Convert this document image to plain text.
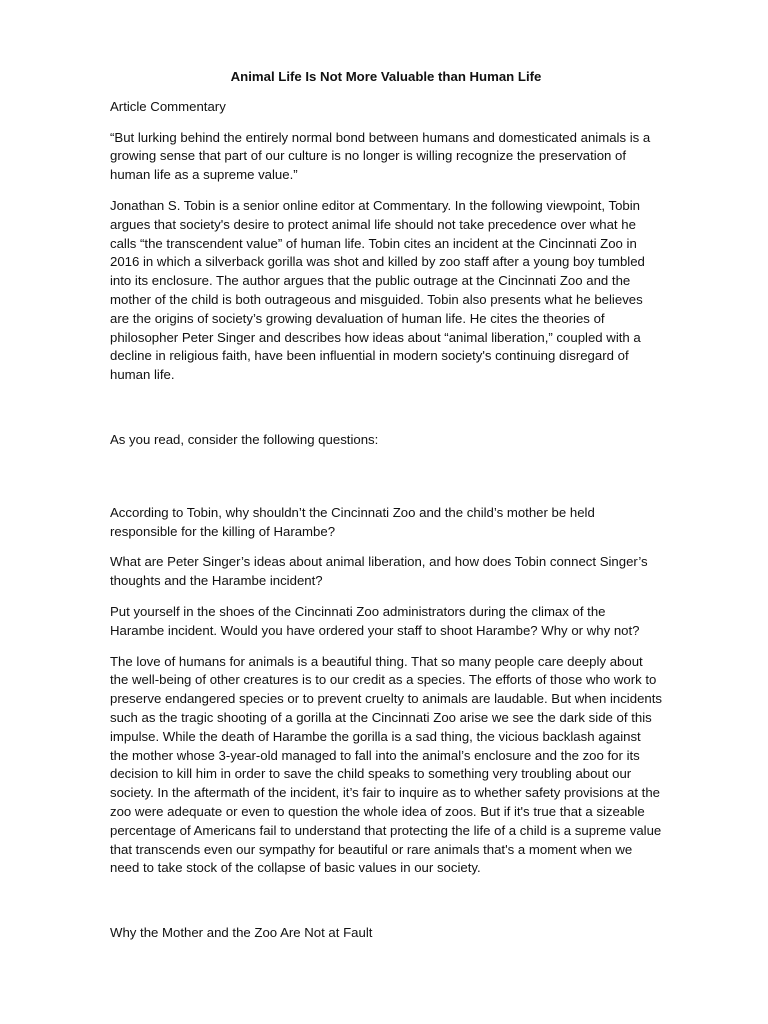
Animal Life Is Not More Valuable than Human Life

Article Commentary

“But lurking behind the entirely normal bond between humans and domesticated animals is a growing sense that part of our culture is no longer is willing recognize the preservation of human life as a supreme value.”

Jonathan S. Tobin is a senior online editor at Commentary. In the following viewpoint, Tobin argues that society's desire to protect animal life should not take precedence over what he calls “the transcendent value” of human life. Tobin cites an incident at the Cincinnati Zoo in 2016 in which a silverback gorilla was shot and killed by zoo staff after a young boy tumbled into its enclosure. The author argues that the public outrage at the Cincinnati Zoo and the mother of the child is both outrageous and misguided. Tobin also presents what he believes are the origins of society’s growing devaluation of human life. He cites the theories of philosopher Peter Singer and describes how ideas about “animal liberation,” coupled with a decline in religious faith, have been influential in modern society's continuing disregard of human life.

As you read, consider the following questions:

According to Tobin, why shouldn’t the Cincinnati Zoo and the child’s mother be held responsible for the killing of Harambe?

What are Peter Singer’s ideas about animal liberation, and how does Tobin connect Singer’s thoughts and the Harambe incident?

Put yourself in the shoes of the Cincinnati Zoo administrators during the climax of the Harambe incident. Would you have ordered your staff to shoot Harambe? Why or why not?

The love of humans for animals is a beautiful thing. That so many people care deeply about the well-being of other creatures is to our credit as a species. The efforts of those who work to preserve endangered species or to prevent cruelty to animals are laudable. But when incidents such as the tragic shooting of a gorilla at the Cincinnati Zoo arise we see the dark side of this impulse. While the death of Harambe the gorilla is a sad thing, the vicious backlash against the mother whose 3-year-old managed to fall into the animal’s enclosure and the zoo for its decision to kill him in order to save the child speaks to something very troubling about our society. In the aftermath of the incident, it’s fair to inquire as to whether safety provisions at the zoo were adequate or even to question the whole idea of zoos. But if it's true that a sizeable percentage of Americans fail to understand that protecting the life of a child is a supreme value that transcends even our sympathy for beautiful or rare animals that's a moment when we need to take stock of the collapse of basic values in our society.

Why the Mother and the Zoo Are Not at Fault
